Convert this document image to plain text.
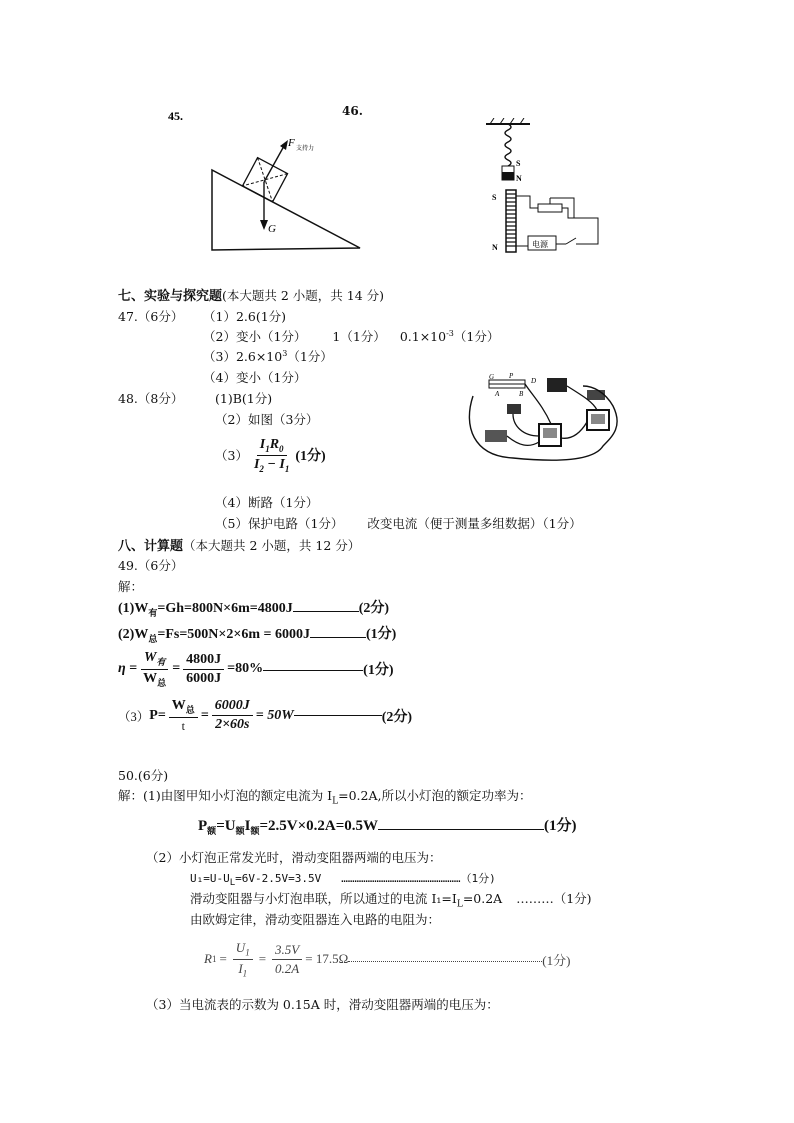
45.
F 支持力
G
46.
S
N
S
N	电源
七、实验与探究题(本大题共 2 小题，共 14 分)
47.（6分） （1）2.6(1分)
（2）变小（1分） 1（1分） $0.1\times 10^{-3}(1$分）
$(3)2.6\times 10^3(1$分）
（4）变小（1分）	G P
A	B
D
48.（8分）	(1)B(1分)
（2）如图（3分）
$(3) \frac{I_1R_0}{I_2 - I_1} (1$分)
（4）断路（1分）
（5）保护电路（1分） 改变电流（便于测量多组数据）（1分）
八、计算题（本大题共 2 小题，共 12 分）
49.（6分）
解：
$(1)W_有=Gh=800N\times 6m=4800J$	(2分)
$(2)W_总=Fs=500N\times 2\times 6m = 6000J$	(1分)
$\eta = \frac{W_有}{W_总} = \frac{4800J}{6000J} =80\%$	(1分)
（3） $P= \frac{W_总}{t} = \frac{6000J}{2\times 60s} = 50W$	(2分)
50.(6分)
解：(1)由图甲知小灯泡的额定电流为 $I_L=0.2A$,所以小灯泡的额定功率为：
$P_额=U_额I_额=2.5V\times 0.2A=0.5W$	(1分)
（2）小灯泡正常发光时，滑动变阻器两端的电压为：
$U_1=U-U_L=6V-2.5V=3.5V$ ………………………………………………（1分)
滑动变阻器与小灯泡串联，所以通过的电流 $I_1=I_L=0.2A$ ………（1分)
由欧姆定律，滑动变阻器连入电路的电阻为：
R $1 = \frac{U_1}{I_1} = \frac{3.5V}{0.2A} = 17.5\Omega$	(1分)
（3）当电流表的示数为 0.15A 时，滑动变阻器两端的电压为：
